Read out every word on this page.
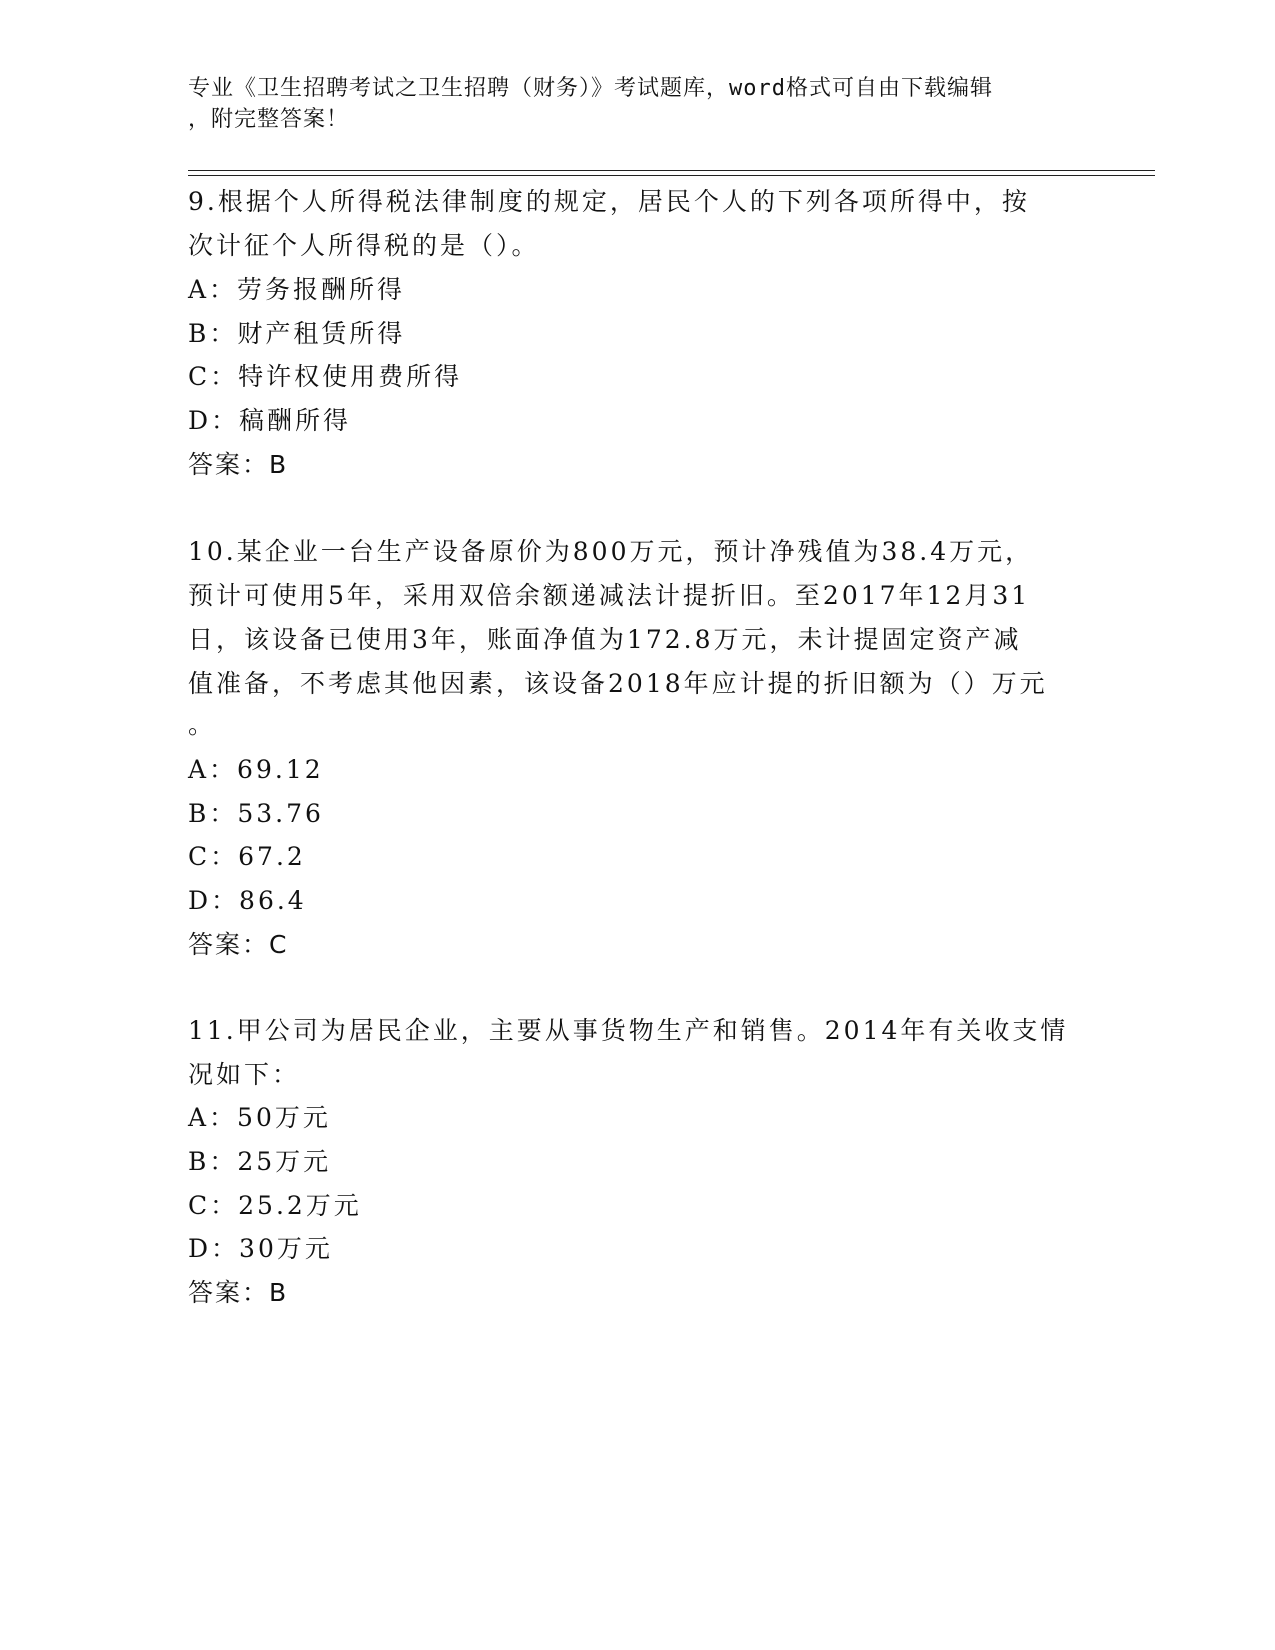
专业《卫生招聘考试之卫生招聘（财务）》考试题库，word格式可自由下载编辑
，附完整答案！
9.根据个人所得税法律制度的规定，居民个人的下列各项所得中，按
次计征个人所得税的是（）。
A：劳务报酬所得
B：财产租赁所得
C：特许权使用费所得
D：稿酬所得
答案：B
10.某企业一台生产设备原价为800万元，预计净残值为38.4万元，
预计可使用5年，采用双倍余额递减法计提折旧。至2017年12月31
日，该设备已使用3年，账面净值为172.8万元，未计提固定资产减
值准备，不考虑其他因素，该设备2018年应计提的折旧额为（）万元
。
A：69.12
B：53.76
C：67.2
D：86.4
答案：C
11.甲公司为居民企业，主要从事货物生产和销售。2014年有关收支情
况如下：
A：50万元
B：25万元
C：25.2万元
D：30万元
答案：B
